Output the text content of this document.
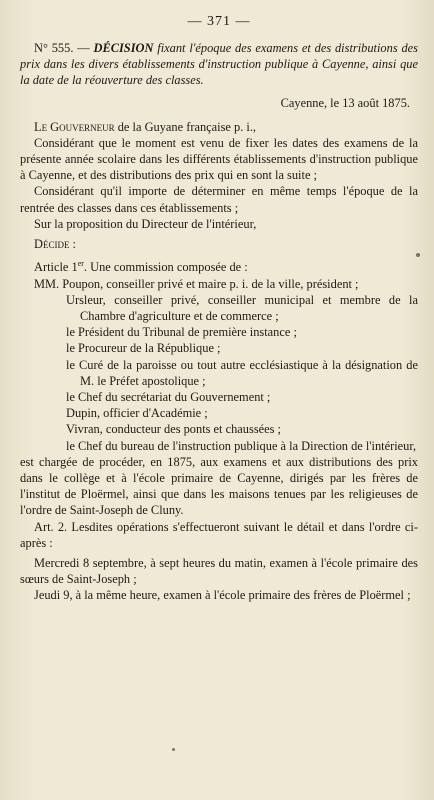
— 371 —

N° 555. — DÉCISION fixant l'époque des examens et des distributions des prix dans les divers établissements d'instruction publique à Cayenne, ainsi que la date de la réouverture des classes.

Cayenne, le 13 août 1875.

Le Gouverneur de la Guyane française p. i.,

Considérant que le moment est venu de fixer les dates des examens de la présente année scolaire dans les différents établissements d'instruction publique à Cayenne, et des distributions des prix qui en sont la suite ;

Considérant qu'il importe de déterminer en même temps l'époque de la rentrée des classes dans ces établissements ;

Sur la proposition du Directeur de l'intérieur,

Décide :

Article 1er. Une commission composée de :

MM. Poupon, conseiller privé et maire p. i. de la ville, président ;

Ursleur, conseiller privé, conseiller municipal et membre de la Chambre d'agriculture et de commerce ;

le Président du Tribunal de première instance ;

le Procureur de la République ;

le Curé de la paroisse ou tout autre ecclésiastique à la désignation de M. le Préfet apostolique ;

le Chef du secrétariat du Gouvernement ;

Dupin, officier d'Académie ;

Vivran, conducteur des ponts et chaussées ;

le Chef du bureau de l'instruction publique à la Direction de l'intérieur,

est chargée de procéder, en 1875, aux examens et aux distributions des prix dans le collège et à l'école primaire de Cayenne, dirigés par les frères de l'institut de Ploërmel, ainsi que dans les maisons tenues par les religieuses de l'ordre de Saint-Joseph de Cluny.

Art. 2. Lesdites opérations s'effectueront suivant le détail et dans l'ordre ci-après :

Mercredi 8 septembre, à sept heures du matin, examen à l'école primaire des sœurs de Saint-Joseph ;

Jeudi 9, à la même heure, examen à l'école primaire des frères de Ploërmel ;
